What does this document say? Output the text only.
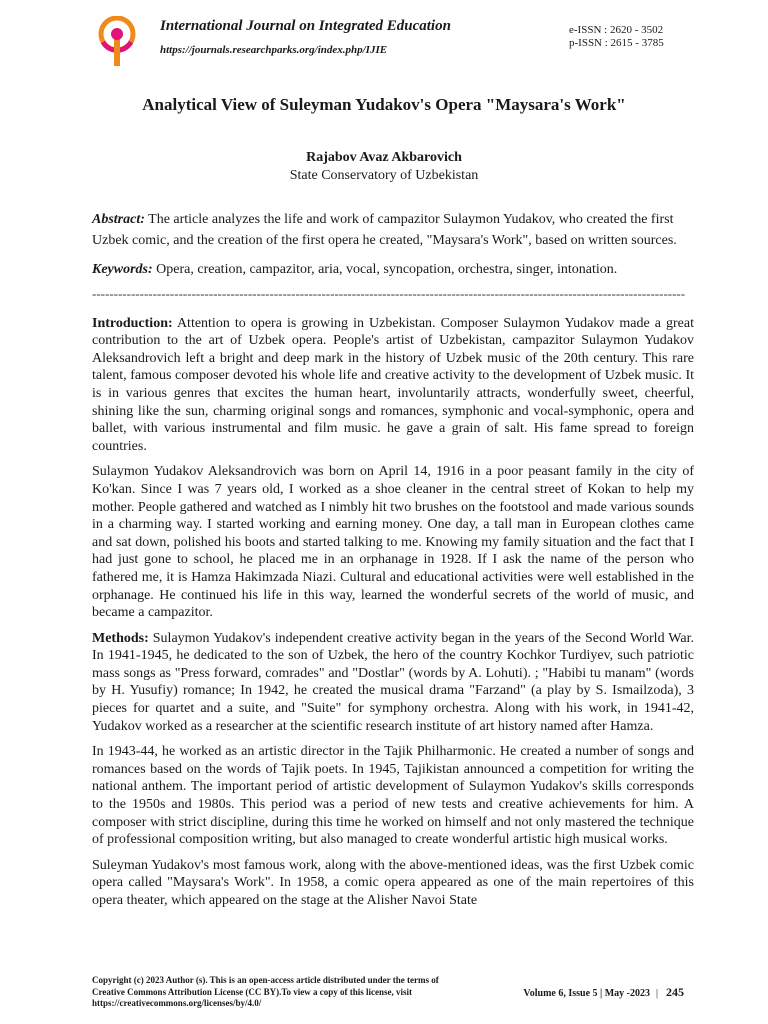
International Journal on Integrated Education
https://journals.researchparks.org/index.php/IJIE
e-ISSN : 2620 - 3502
p-ISSN : 2615 - 3785
Analytical View of Suleyman Yudakov's Opera "Maysara's Work"
Rajabov Avaz Akbarovich
State Conservatory of Uzbekistan

Abstract: The article analyzes the life and work of campazitor Sulaymon Yudakov, who created the first Uzbek comic, and the creation of the first opera he created, "Maysara's Work", based on written sources.

Keywords: Opera, creation, campazitor, aria, vocal, syncopation, orchestra, singer, intonation.

-----------------------------------------------------------------------------------------------------------------------------------------

Introduction: Attention to opera is growing in Uzbekistan. Composer Sulaymon Yudakov made a great contribution to the art of Uzbek opera. People's artist of Uzbekistan, campazitor Sulaymon Yudakov Aleksandrovich left a bright and deep mark in the history of Uzbek music of the 20th century. This rare talent, famous composer devoted his whole life and creative activity to the development of Uzbek music. It is in various genres that excites the human heart, involuntarily attracts, wonderfully sweet, cheerful, shining like the sun, charming original songs and romances, symphonic and vocal-symphonic, opera and ballet, with various instrumental and film music. he gave a grain of salt. His fame spread to foreign countries.

Sulaymon Yudakov Aleksandrovich was born on April 14, 1916 in a poor peasant family in the city of Ko'kan. Since I was 7 years old, I worked as a shoe cleaner in the central street of Kokan to help my mother. People gathered and watched as I nimbly hit two brushes on the footstool and made various sounds in a charming way. I started working and earning money. One day, a tall man in European clothes came and sat down, polished his boots and started talking to me. Knowing my family situation and the fact that I had just gone to school, he placed me in an orphanage in 1928. If I ask the name of the person who fathered me, it is Hamza Hakimzada Niazi. Cultural and educational activities were well established in the orphanage. He continued his life in this way, learned the wonderful secrets of the world of music, and became a campazitor.

Methods: Sulaymon Yudakov's independent creative activity began in the years of the Second World War. In 1941-1945, he dedicated to the son of Uzbek, the hero of the country Kochkor Turdiyev, such patriotic mass songs as "Press forward, comrades" and "Dostlar" (words by A. Lohuti). ; "Habibi tu manam" (words by H. Yusufiy) romance; In 1942, he created the musical drama "Farzand" (a play by S. Ismailzoda), 3 pieces for quartet and a suite, and "Suite" for symphony orchestra. Along with his work, in 1941-42, Yudakov worked as a researcher at the scientific research institute of art history named after Hamza.

In 1943-44, he worked as an artistic director in the Tajik Philharmonic. He created a number of songs and romances based on the words of Tajik poets. In 1945, Tajikistan announced a competition for writing the national anthem. The important period of artistic development of Sulaymon Yudakov's skills corresponds to the 1950s and 1980s. This period was a period of new tests and creative achievements for him. A composer with strict discipline, during this time he worked on himself and not only mastered the technique of professional composition writing, but also managed to create wonderful artistic high musical works.

Suleyman Yudakov's most famous work, along with the above-mentioned ideas, was the first Uzbek comic opera called "Maysara's Work". In 1958, a comic opera appeared as one of the main repertoires of this opera theater, which appeared on the stage at the Alisher Navoi State

Copyright (c) 2023 Author (s). This is an open-access article distributed under the terms of Creative Commons Attribution License (CC BY).To view a copy of this license, visit https://creativecommons.org/licenses/by/4.0/
Volume 6, Issue 5 | May -2023 | 245
